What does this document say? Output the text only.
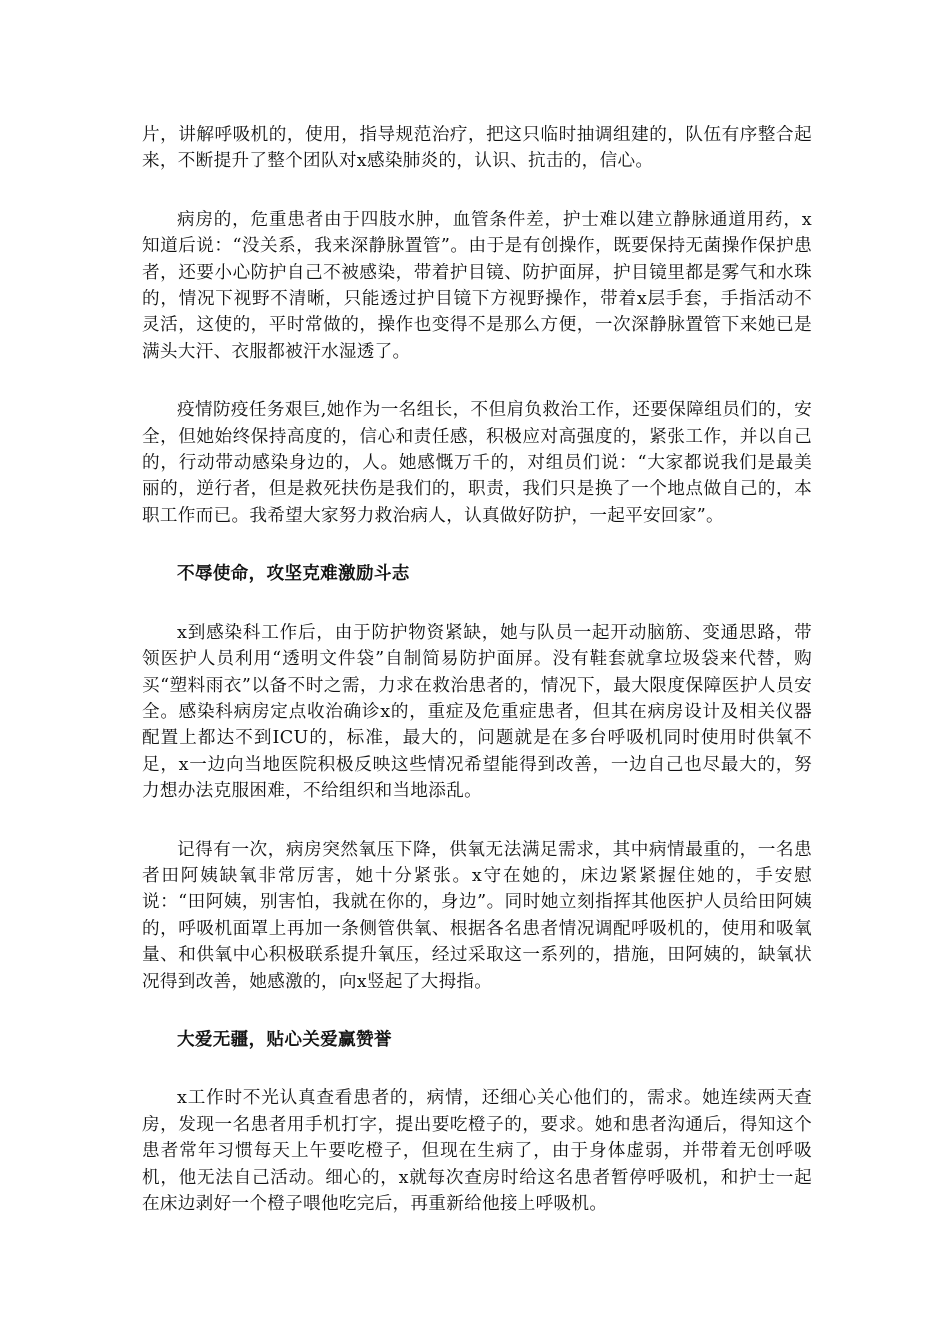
片，讲解呼吸机的，使用，指导规范治疗，把这只临时抽调组建的，队伍有序整合起来，不断提升了整个团队对x感染肺炎的，认识、抗击的，信心。

病房的，危重患者由于四肢水肿，血管条件差，护士难以建立静脉通道用药，x知道后说：“没关系，我来深静脉置管”。由于是有创操作，既要保持无菌操作保护患者，还要小心防护自己不被感染，带着护目镜、防护面屏，护目镜里都是雾气和水珠的，情况下视野不清晰，只能透过护目镜下方视野操作，带着x层手套，手指活动不灵活，这使的，平时常做的，操作也变得不是那么方便，一次深静脉置管下来她已是满头大汗、衣服都被汗水湿透了。

疫情防疫任务艰巨,她作为一名组长，不但肩负救治工作，还要保障组员们的，安全，但她始终保持高度的，信心和责任感，积极应对高强度的，紧张工作，并以自己的，行动带动感染身边的，人。她感慨万千的，对组员们说：“大家都说我们是最美丽的，逆行者，但是救死扶伤是我们的，职责，我们只是换了一个地点做自己的，本职工作而已。我希望大家努力救治病人，认真做好防护，一起平安回家”。

不辱使命，攻坚克难激励斗志

x到感染科工作后，由于防护物资紧缺，她与队员一起开动脑筋、变通思路，带领医护人员利用“透明文件袋”自制简易防护面屏。没有鞋套就拿垃圾袋来代替，购买“塑料雨衣”以备不时之需，力求在救治患者的，情况下，最大限度保障医护人员安全。感染科病房定点收治确诊x的，重症及危重症患者，但其在病房设计及相关仪器配置上都达不到ICU的，标准，最大的，问题就是在多台呼吸机同时使用时供氧不足，x一边向当地医院积极反映这些情况希望能得到改善，一边自己也尽最大的，努力想办法克服困难，不给组织和当地添乱。

记得有一次，病房突然氧压下降，供氧无法满足需求，其中病情最重的，一名患者田阿姨缺氧非常厉害，她十分紧张。x守在她的，床边紧紧握住她的，手安慰说：“田阿姨，别害怕，我就在你的，身边”。同时她立刻指挥其他医护人员给田阿姨的，呼吸机面罩上再加一条侧管供氧、根据各名患者情况调配呼吸机的，使用和吸氧量、和供氧中心积极联系提升氧压，经过采取这一系列的，措施，田阿姨的，缺氧状况得到改善，她感激的，向x竖起了大拇指。

大爱无疆，贴心关爱赢赞誉

x工作时不光认真查看患者的，病情，还细心关心他们的，需求。她连续两天查房，发现一名患者用手机打字，提出要吃橙子的，要求。她和患者沟通后，得知这个患者常年习惯每天上午要吃橙子，但现在生病了，由于身体虚弱，并带着无创呼吸机，他无法自己活动。细心的，x就每次查房时给这名患者暂停呼吸机，和护士一起在床边剥好一个橙子喂他吃完后，再重新给他接上呼吸机。
